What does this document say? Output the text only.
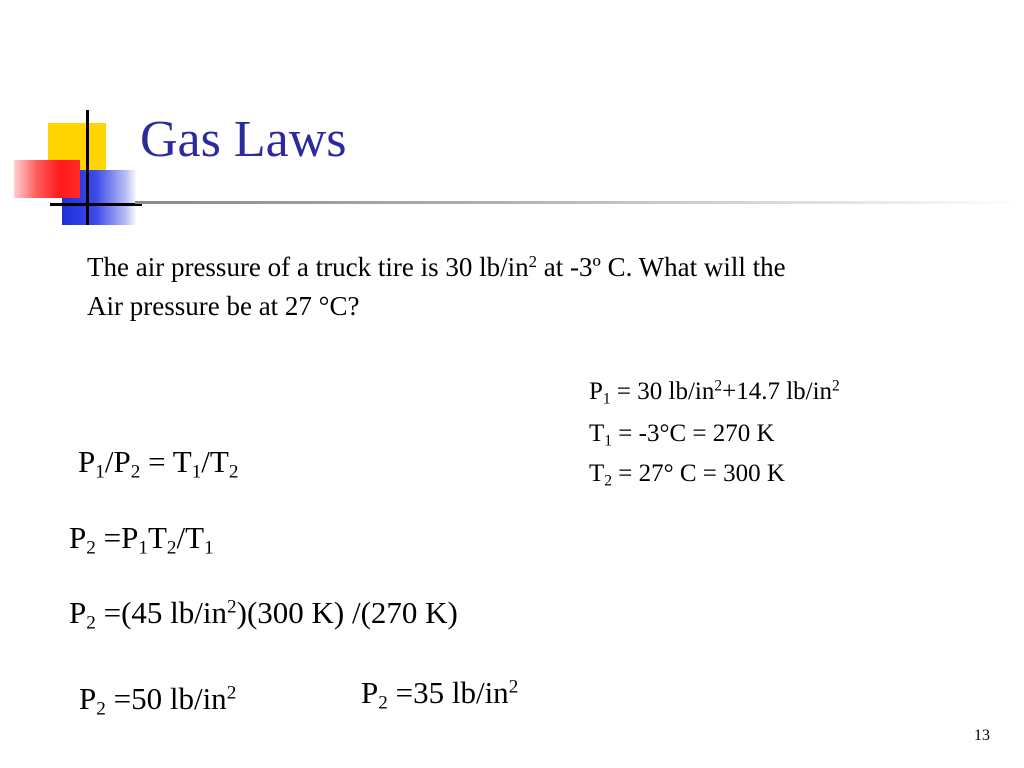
Gas Laws
The air pressure of a truck tire is 30 $lb/in^2$ at -3º C. What will the
Air pressure be at 27 °C?
$P_1 = 30$ $lb/in^2+14.7$ $lb/in^2$
$T_1 = -3^\circ C = 270$ K
$T_2 = 27^\circ$ C = 300 K
$P_1/P_2 = T_1/T_2$
$P_2 =P_1T_2/T_1$
$P_2 =(45$ $lb/in^2)(300$ K) /(270 K)
$P_2 =50$ $lb/in^2$	$P_2 =35$ $lb/in^2$
13
